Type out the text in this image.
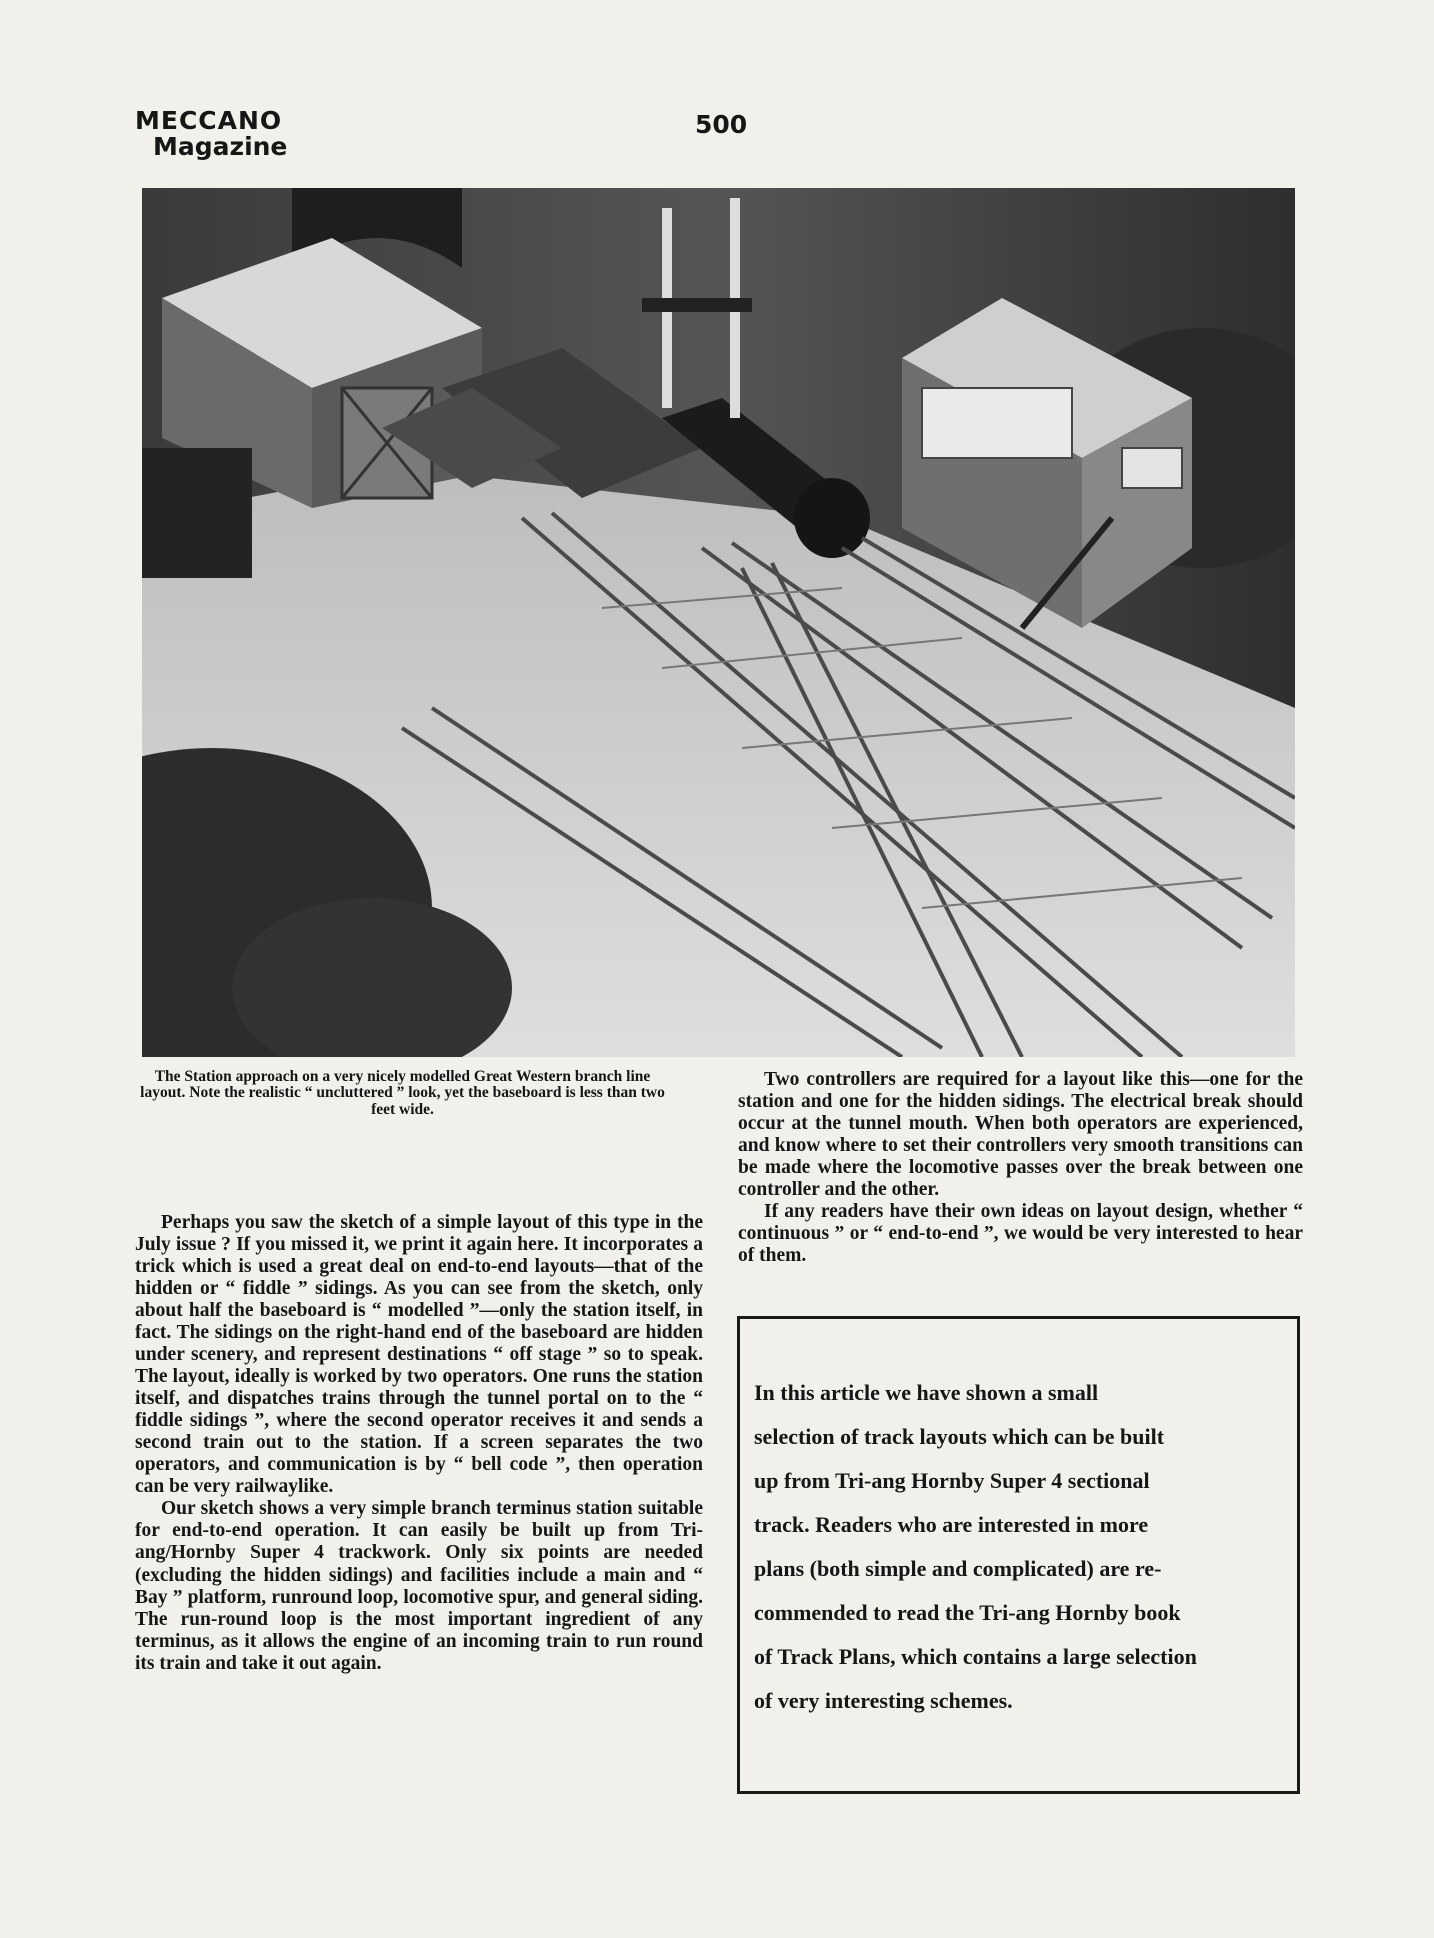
MECCANO
Magazine
500
The Station approach on a very nicely modelled Great Western branch line layout. Note the realistic “ uncluttered ” look, yet the baseboard is less than two feet wide.

Perhaps you saw the sketch of a simple layout of this type in the July issue ? If you missed it, we print it again here. It incorporates a trick which is used a great deal on end-to-end layouts—that of the hidden or “ fiddle ” sidings. As you can see from the sketch, only about half the baseboard is “ modelled ”—only the station itself, in fact. The sidings on the right-hand end of the baseboard are hidden under scenery, and represent destinations “ off stage ” so to speak. The layout, ideally is worked by two operators. One runs the station itself, and dispatches trains through the tunnel portal on to the “ fiddle sidings ”, where the second operator receives it and sends a second train out to the station. If a screen separates the two operators, and communication is by “ bell code ”, then operation can be very railwaylike.

Our sketch shows a very simple branch terminus station suitable for end-to-end operation. It can easily be built up from Tri-ang/Hornby Super 4 trackwork. Only six points are needed (excluding the hidden sidings) and facilities include a main and “ Bay ” platform, runround loop, locomotive spur, and general siding. The run-round loop is the most important ingredient of any terminus, as it allows the engine of an incoming train to run round its train and take it out again.

Two controllers are required for a layout like this—one for the station and one for the hidden sidings. The electrical break should occur at the tunnel mouth. When both operators are experienced, and know where to set their controllers very smooth transitions can be made where the locomotive passes over the break between one controller and the other.

If any readers have their own ideas on layout design, whether “ continuous ” or “ end-to-end ”, we would be very interested to hear of them.

In this article we have shown a small
selection of track layouts which can be built
up from Tri-ang Hornby Super 4 sectional
track. Readers who are interested in more
plans (both simple and complicated) are re-
commended to read the Tri-ang Hornby book
of Track Plans, which contains a large selection
of very interesting schemes.
